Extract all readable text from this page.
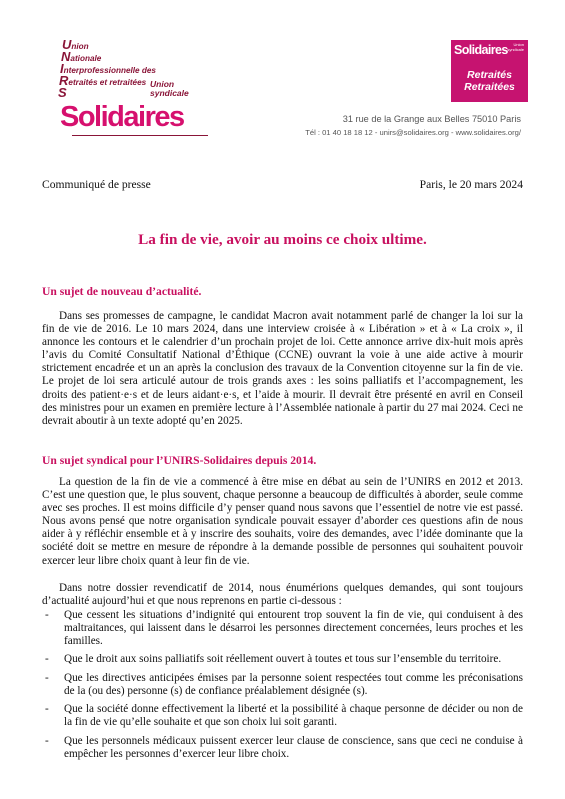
Union
Nationale
Interprofessionnelle des
Retraités et retraitées
S
Union
syndicale
Solidaires
Solidaires	Union
syndicale
Retraités
Retraitées
31 rue de la Grange aux Belles 75010 Paris
Tél : 01 40 18 18 12 - unirs@solidaires.org - www.solidaires.org/
Communiqué de presse	Paris, le 20 mars 2024
La fin de vie, avoir au moins ce choix ultime.
Un sujet de nouveau d’actualité.

Dans ses promesses de campagne, le candidat Macron avait notamment parlé de changer la loi sur la fin de vie de 2016. Le 10 mars 2024, dans une interview croisée à « Libération » et à « La croix », il annonce les contours et le calendrier d’un prochain projet de loi. Cette annonce arrive dix-huit mois après l’avis du Comité Consultatif National d’Éthique (CCNE) ouvrant la voie à une aide active à mourir strictement encadrée et un an après la conclusion des travaux de la Convention citoyenne sur la fin de vie. Le projet de loi sera articulé autour de trois grands axes : les soins palliatifs et l’accompagnement, les droits des patient·e·s et de leurs aidant·e·s, et l’aide à mourir. Il devrait être présenté en avril en Conseil des ministres pour un examen en première lecture à l’Assemblée nationale à partir du 27 mai 2024. Ceci ne devrait aboutir à un texte adopté qu’en 2025.

Un sujet syndical pour l’UNIRS-Solidaires depuis 2014.

La question de la fin de vie a commencé à être mise en débat au sein de l’UNIRS en 2012 et 2013. C’est une question que, le plus souvent, chaque personne a beaucoup de difficultés à aborder, seule comme avec ses proches. Il est moins difficile d’y penser quand nous savons que l’essentiel de notre vie est passé. Nous avons pensé que notre organisation syndicale pouvait essayer d’aborder ces questions afin de nous aider à y réfléchir ensemble et à y inscrire des souhaits, voire des demandes, avec l’idée dominante que la société doit se mettre en mesure de répondre à la demande possible de personnes qui souhaitent pouvoir exercer leur libre choix quant à leur fin de vie.

Dans notre dossier revendicatif de 2014, nous énumérions quelques demandes, qui sont toujours d’actualité aujourd’hui et que nous reprenons en partie ci-dessous :

- Que cessent les situations d’indignité qui entourent trop souvent la fin de vie, qui conduisent à des maltraitances, qui laissent dans le désarroi les personnes directement concernées, leurs proches et les familles.
- Que le droit aux soins palliatifs soit réellement ouvert à toutes et tous sur l’ensemble du territoire.
- Que les directives anticipées émises par la personne soient respectées tout comme les préconisations de la (ou des) personne (s) de confiance préalablement désignée (s).
- Que la société donne effectivement la liberté et la possibilité à chaque personne de décider ou non de la fin de vie qu’elle souhaite et que son choix lui soit garanti.
- Que les personnels médicaux puissent exercer leur clause de conscience, sans que ceci ne conduise à empêcher les personnes d’exercer leur libre choix.
